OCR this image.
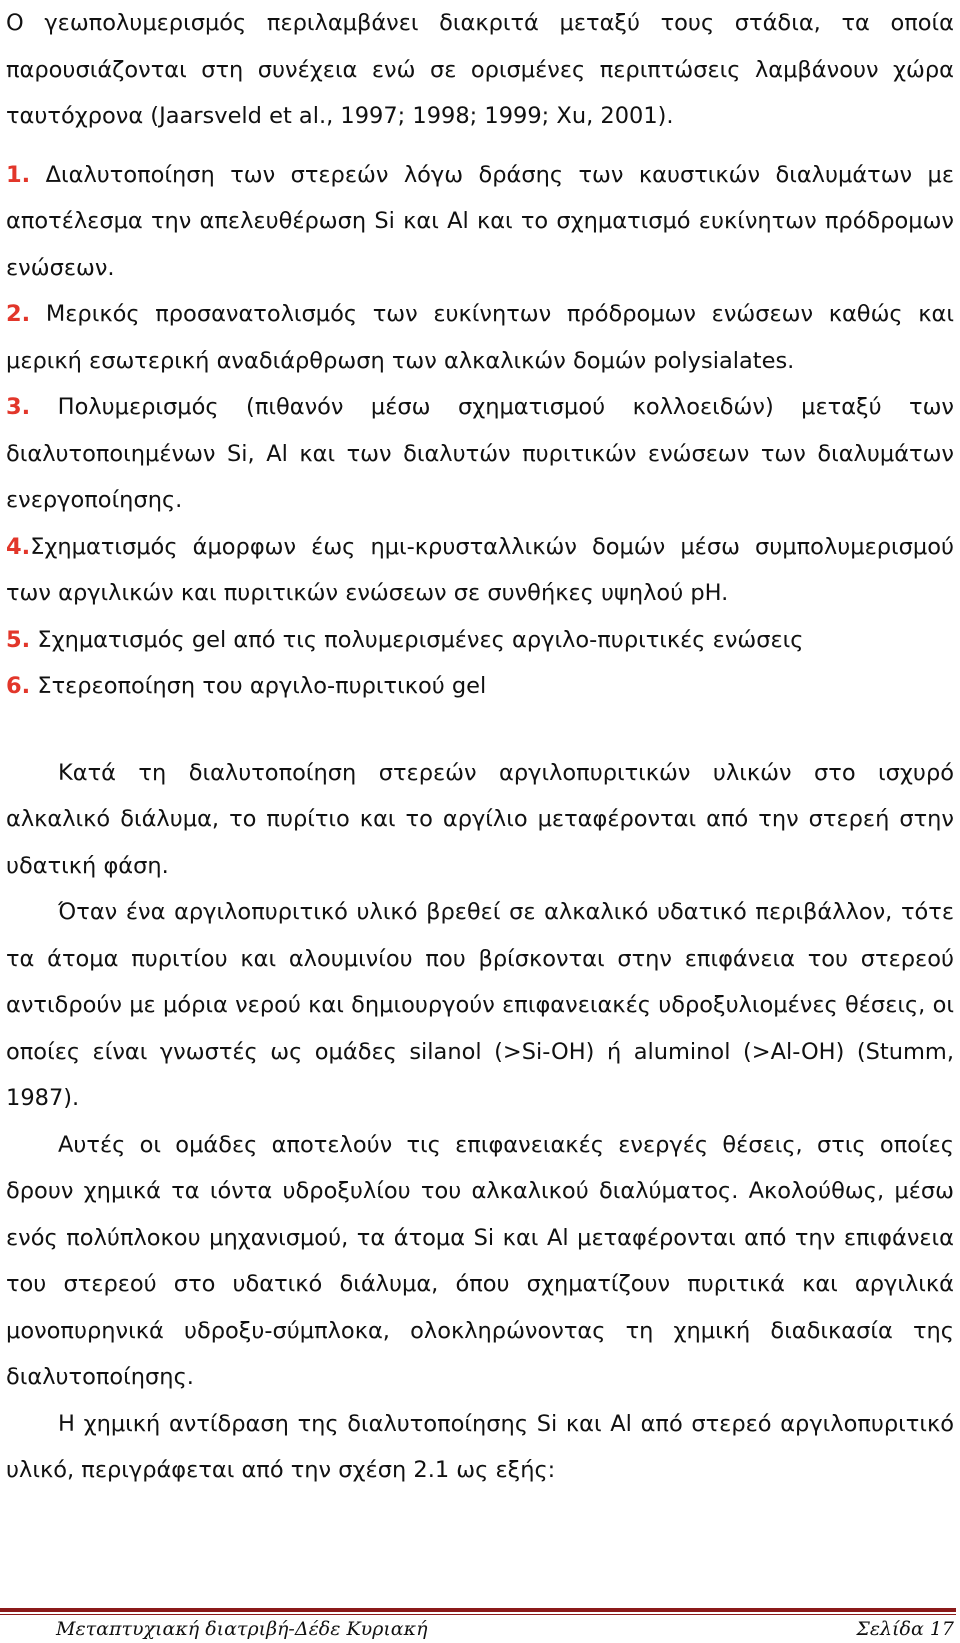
Ο γεωπολυμερισμός περιλαμβάνει διακριτά μεταξύ τους στάδια, τα οποία παρουσιάζονται στη συνέχεια ενώ σε ορισμένες περιπτώσεις λαμβάνουν χώρα ταυτόχρονα (Jaarsveld et al., 1997; 1998; 1999; Xu, 2001).

1. Διαλυτοποίηση των στερεών λόγω δράσης των καυστικών διαλυμάτων με αποτέλεσμα την απελευθέρωση Si και Al και το σχηματισμό ευκίνητων πρόδρομων ενώσεων.

2. Μερικός προσανατολισμός των ευκίνητων πρόδρομων ενώσεων καθώς και μερική εσωτερική αναδιάρθρωση των αλκαλικών δομών polysialates.

3. Πολυμερισμός (πιθανόν μέσω σχηματισμού κολλοειδών) μεταξύ των διαλυτοποιημένων Si, Al και των διαλυτών πυριτικών ενώσεων των διαλυμάτων ενεργοποίησης.

4.Σχηματισμός άμορφων έως ημι-κρυσταλλικών δομών μέσω συμπολυμερισμού των αργιλικών και πυριτικών ενώσεων σε συνθήκες υψηλού pH.

5. Σχηματισμός gel από τις πολυμερισμένες αργιλο-πυριτικές ενώσεις

6. Στερεοποίηση του αργιλο-πυριτικού gel

Κατά τη διαλυτοποίηση στερεών αργιλοπυριτικών υλικών στο ισχυρό αλκαλικό διάλυμα, το πυρίτιο και το αργίλιο μεταφέρονται από την στερεή στην υδατική φάση.

Όταν ένα αργιλοπυριτικό υλικό βρεθεί σε αλκαλικό υδατικό περιβάλλον, τότε τα άτομα πυριτίου και αλουμινίου που βρίσκονται στην επιφάνεια του στερεού αντιδρούν με μόρια νερού και δημιουργούν επιφανειακές υδροξυλιομένες θέσεις, οι οποίες είναι γνωστές ως ομάδες silanol (>Si-OH) ή aluminol (>Al-OH) (Stumm, 1987).

Αυτές οι ομάδες αποτελούν τις επιφανειακές ενεργές θέσεις, στις οποίες δρουν χημικά τα ιόντα υδροξυλίου του αλκαλικού διαλύματος. Ακολούθως, μέσω ενός πολύπλοκου μηχανισμού, τα άτομα Si και Al μεταφέρονται από την επιφάνεια του στερεού στο υδατικό διάλυμα, όπου σχηματίζουν πυριτικά και αργιλικά μονοπυρηνικά υδροξυ-σύμπλοκα, ολοκληρώνοντας τη χημική διαδικασία της διαλυτοποίησης.

Η χημική αντίδραση της διαλυτοποίησης Si και Al από στερεό αργιλοπυριτικό υλικό, περιγράφεται από την σχέση 2.1 ως εξής:

Μεταπτυχιακή διατριβή-Δέδε Κυριακή	Σελίδα 17
